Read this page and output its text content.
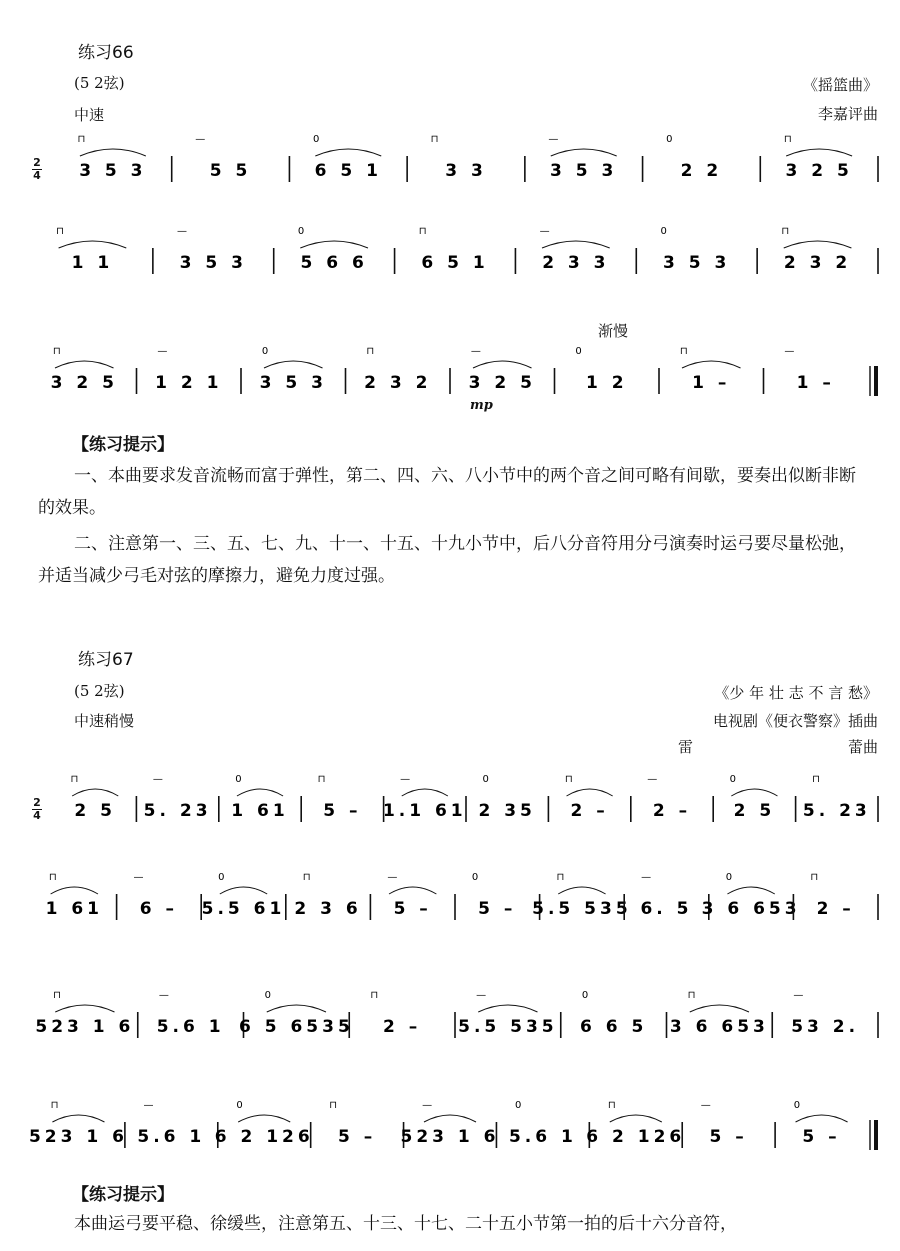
练习66
(5 2弦)
中速
《摇篮曲》
李嘉评曲
3 5 3
⊓
5 5
—
6 5 1
0
3 3
⊓
3 5 3
—
2 2
0
3 2 5
⊓
2
4
1 1
⊓
3 5 3
—
5 6 6
0
6 5 1
⊓
2 3 3
—
3 5 3
0
2 3 2
⊓
3 2 5
⊓
1 2 1
—
3 5 3
0
2 3 2
⊓
3 2 5
—
1 2
0
1 –
⊓
1 –
—
mp
渐慢
【练习提示】
一、本曲要求发音流畅而富于弹性，第二、四、六、八小节中的两个音之间可略有间歇，要奏出似断非断的效果。
二、注意第一、三、五、七、九、十一、十五、十九小节中，后八分音符用分弓演奏时运弓要尽量松弛，并适当减少弓毛对弦的摩擦力，避免力度过强。
练习67
(5 2弦)
中速稍慢
《少 年 壮 志 不 言 愁》
电视剧《便衣警察》插曲
雷	蕾曲
2 5
⊓
5. 23
—
1 61
0
5 –
⊓
1.1 61
—
2 35
0
2 –
⊓
2 –
—
2 5
0
5. 23
⊓
2
4
1 61
⊓
6 –
—
5.5 61
0
2 3 6
⊓
5 –
—
5 –
0
5.5 535
⊓
6. 5
—
3 6 653
0
2 –
⊓
523 1 6
⊓
5.6 1
—
6 5 6535
0
2 –
⊓
5.5 535
—
6 6 5
0
3 6 653
⊓
53 2.
—
523 1 6
⊓
5.6 1
—
6 2 126
0
5 –
⊓
523 1 6
—
5.6 1
0
6 2 126
⊓
5 –
—
5 –
0
【练习提示】
本曲运弓要平稳、徐缓些，注意第五、十三、十七、二十五小节第一拍的后十六分音符，
